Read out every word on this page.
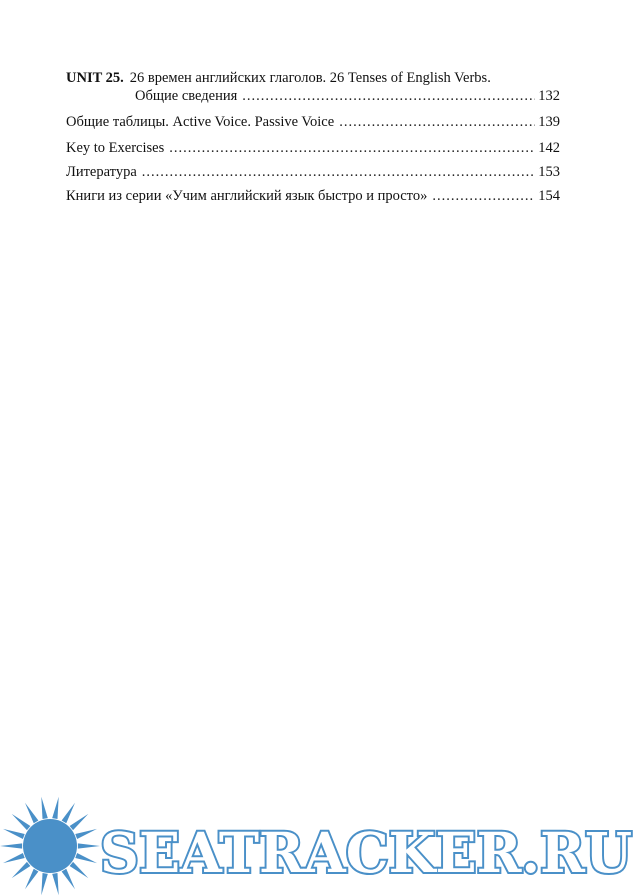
UNIT 25. 26 времен английских глаголов. 26 Tenses of English Verbs.
Общие сведения .....	132
Общие таблицы. Active Voice. Passive Voice .....	139
Key to Exercises .....	142
Литература .....	153
Книги из серии «Учим английский язык быстро и просто» .....	154
SEATRACKER.RU
